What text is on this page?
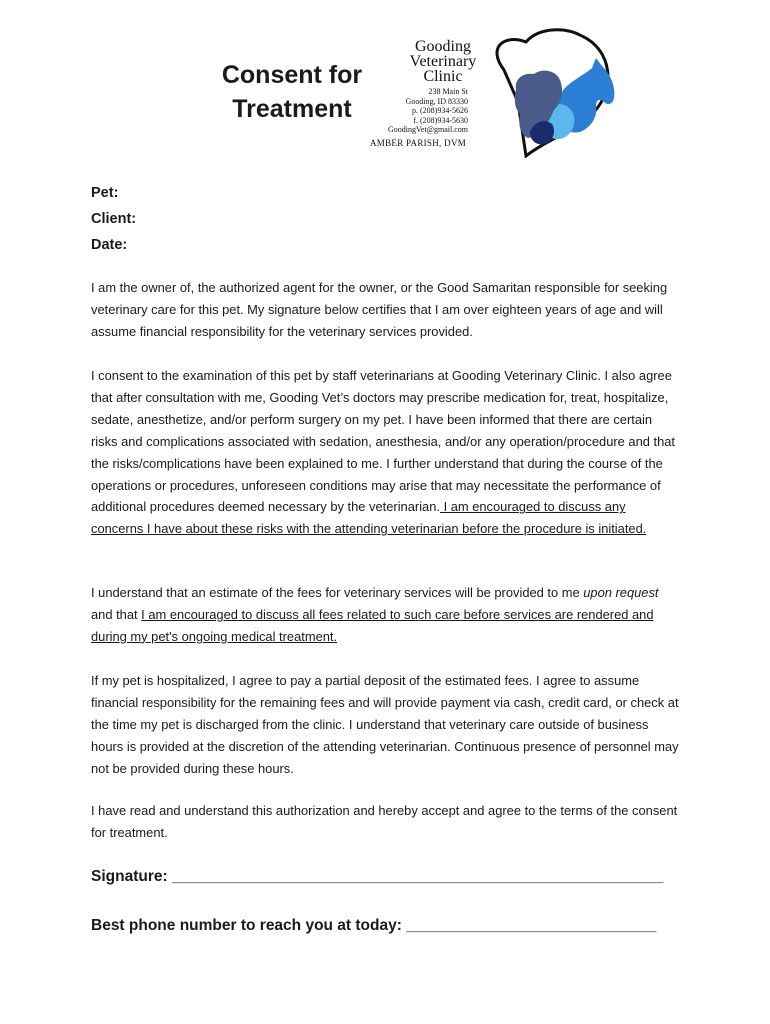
Consent for
Treatment
Gooding
Veterinary
Clinic
238 Main St
Gooding, ID 83330
p. (208)934-5626
f. (208)934-5630
GoodingVet@gmail.com
AMBER PARISH, DVM
Pet:
Client:
Date:

I am the owner of, the authorized agent for the owner, or the Good Samaritan responsible for seeking veterinary care for this pet. My signature below certifies that I am over eighteen years of age and will assume financial responsibility for the veterinary services provided.

I consent to the examination of this pet by staff veterinarians at Gooding Veterinary Clinic. I also agree that after consultation with me, Gooding Vet’s doctors may prescribe medication for, treat, hospitalize, sedate, anesthetize, and/or perform surgery on my pet. I have been informed that there are certain risks and complications associated with sedation, anesthesia, and/or any operation/procedure and that the risks/complications have been explained to me. I further understand that during the course of the operations or procedures, unforeseen conditions may arise that may necessitate the performance of additional procedures deemed necessary by the veterinarian. I am encouraged to discuss any concerns I have about these risks with the attending veterinarian before the procedure is initiated.

I understand that an estimate of the fees for veterinary services will be provided to me upon request and that I am encouraged to discuss all fees related to such care before services are rendered and during my pet's ongoing medical treatment.

If my pet is hospitalized, I agree to pay a partial deposit of the estimated fees. I agree to assume financial responsibility for the remaining fees and will provide payment via cash, credit card, or check at the time my pet is discharged from the clinic. I understand that veterinary care outside of business hours is provided at the discretion of the attending veterinarian. Continuous presence of personnel may not be provided during these hours.

I have read and understand this authorization and hereby accept and agree to the terms of the consent for treatment.

Signature: _________________________________________________________
Best phone number to reach you at today: _____________________________
